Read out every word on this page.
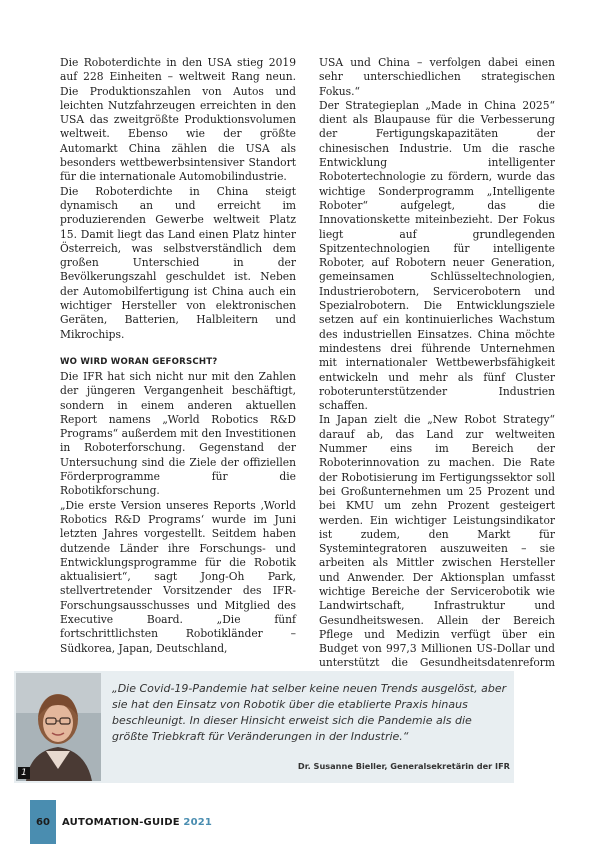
Die Roboterdichte in den USA stieg 2019 auf 228 Einheiten – weltweit Rang neun. Die Produktionszahlen von Autos und leichten Nutzfahrzeugen erreichten in den USA das zweitgrößte Produktionsvolumen weltweit. Ebenso wie der größte Automarkt China zählen die USA als besonders wettbewerbsintensiver Standort für die internationale Automobilindustrie.

Die Roboterdichte in China steigt dynamisch an und erreicht im produzierenden Gewerbe weltweit Platz 15. Damit liegt das Land einen Platz hinter Österreich, was selbstverständlich dem großen Unterschied in der Bevölkerungszahl geschuldet ist. Neben der Automobilfertigung ist China auch ein wichtiger Hersteller von elektronischen Geräten, Batterien, Halbleitern und Mikrochips.

WO WIRD WORAN GEFORSCHT?

Die IFR hat sich nicht nur mit den Zahlen der jüngeren Vergangenheit beschäftigt, sondern in einem anderen aktuellen Report namens „World Robotics R&D Programs“ außerdem mit den Investitionen in Roboterforschung. Gegenstand der Untersuchung sind die Ziele der offiziellen Förderprogramme für die Robotikforschung.

„Die erste Version unseres Reports ‚World Robotics R&D Programs‘ wurde im Juni letzten Jahres vorgestellt. Seitdem haben dutzende Länder ihre Forschungs- und Entwicklungsprogramme für die Robotik aktualisiert“, sagt Jong-Oh Park, stellvertretender Vorsitzender des IFR-Forschungsausschusses und Mitglied des Executive Board. „Die fünf fortschrittlichsten Robotikländer – Südkorea, Japan, Deutschland,

USA und China – verfolgen dabei einen sehr unterschiedlichen strategischen Fokus.“

Der Strategieplan „Made in China 2025“ dient als Blaupause für die Verbesserung der Fertigungskapazitäten der chinesischen Industrie. Um die rasche Entwicklung intelligenter Robotertechnologie zu fördern, wurde das wichtige Sonderprogramm „Intelligente Roboter“ aufgelegt, das die Innovationskette miteinbezieht. Der Fokus liegt auf grundlegenden Spitzentechnologien für intelligente Roboter, auf Robotern neuer Generation, gemeinsamen Schlüsseltechnologien, Industrierobotern, Servicerobotern und Spezialrobotern. Die Entwicklungsziele setzen auf ein kontinuierliches Wachstum des industriellen Einsatzes. China möchte mindestens drei führende Unternehmen mit internationaler Wettbewerbsfähigkeit entwickeln und mehr als fünf Cluster roboterunterstützender Industrien schaffen.

In Japan zielt die „New Robot Strategy“ darauf ab, das Land zur weltweiten Nummer eins im Bereich der Roboterinnovation zu machen. Die Rate der Robotisierung im Fertigungssektor soll bei Großunternehmen um 25 Prozent und bei KMU um zehn Prozent gesteigert werden. Ein wichtiger Leistungsindikator ist zudem, den Markt für Systemintegratoren auszuweiten – sie arbeiten als Mittler zwischen Hersteller und Anwender. Der Aktionsplan umfasst wichtige Bereiche der Servicerobotik wie Landwirtschaft, Infrastruktur und Gesundheitswesen. Allein der Bereich Pflege und Medizin verfügt über ein Budget von 997,3 Millionen US-Dollar und unterstützt die Gesundheitsdatenreform

1

„Die Covid-19-Pandemie hat selber keine neuen Trends ausgelöst, aber sie hat den Einsatz von Robotik über die etablierte Praxis hinaus beschleunigt. In dieser Hinsicht erweist sich die Pandemie als die größte Triebkraft für Veränderungen in der Industrie.“

Dr. Susanne Bieller, Generalsekretärin der IFR
60	AUTOMATION-GUIDE 2021
